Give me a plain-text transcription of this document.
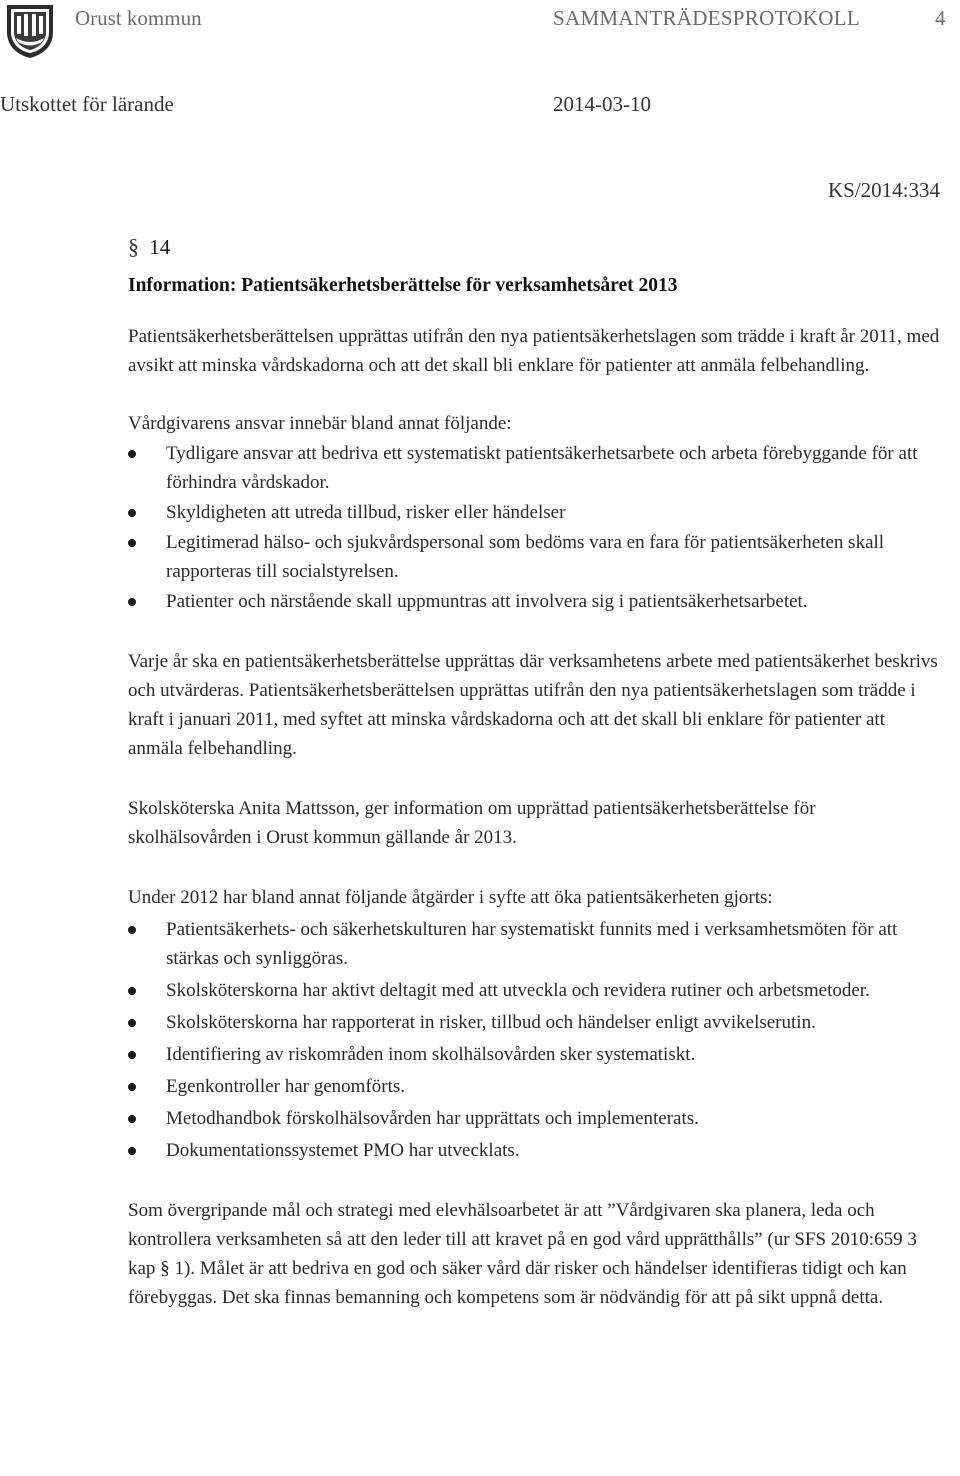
Orust kommun	SAMMANTRÄDESPROTOKOLL	4
Utskottet för lärande	2014-03-10
KS/2014:334

§ 14

Information: Patientsäkerhetsberättelse för verksamhetsåret 2013

Patientsäkerhetsberättelsen upprättas utifrån den nya patientsäkerhetslagen som trädde i kraft år 2011, med avsikt att minska vårdskadorna och att det skall bli enklare för patienter att anmäla felbehandling.

Vårdgivarens ansvar innebär bland annat följande:

Tydligare ansvar att bedriva ett systematiskt patientsäkerhetsarbete och arbeta förebyggande för att förhindra vårdskador.
Skyldigheten att utreda tillbud, risker eller händelser
Legitimerad hälso- och sjukvårdspersonal som bedöms vara en fara för patientsäkerheten skall rapporteras till socialstyrelsen.
Patienter och närstående skall uppmuntras att involvera sig i patientsäkerhetsarbetet.

Varje år ska en patientsäkerhetsberättelse upprättas där verksamhetens arbete med patientsäkerhet beskrivs och utvärderas. Patientsäkerhetsberättelsen upprättas utifrån den nya patientsäkerhetslagen som trädde i kraft i januari 2011, med syftet att minska vårdskadorna och att det skall bli enklare för patienter att anmäla felbehandling.

Skolsköterska Anita Mattsson, ger information om upprättad patientsäkerhetsberättelse för skolhälsovården i Orust kommun gällande år 2013.

Under 2012 har bland annat följande åtgärder i syfte att öka patientsäkerheten gjorts:

Patientsäkerhets- och säkerhetskulturen har systematiskt funnits med i verksamhetsmöten för att stärkas och synliggöras.
Skolsköterskorna har aktivt deltagit med att utveckla och revidera rutiner och arbetsmetoder.
Skolsköterskorna har rapporterat in risker, tillbud och händelser enligt avvikelserutin.
Identifiering av riskområden inom skolhälsovården sker systematiskt.
Egenkontroller har genomförts.
Metodhandbok förskolhälsovården har upprättats och implementerats.
Dokumentationssystemet PMO har utvecklats.

Som övergripande mål och strategi med elevhälsoarbetet är att ”Vårdgivaren ska planera, leda och kontrollera verksamheten så att den leder till att kravet på en god vård upprätthålls” (ur SFS 2010:659 3 kap § 1). Målet är att bedriva en god och säker vård där risker och händelser identifieras tidigt och kan förebyggas. Det ska finnas bemanning och kompetens som är nödvändig för att på sikt uppnå detta.
